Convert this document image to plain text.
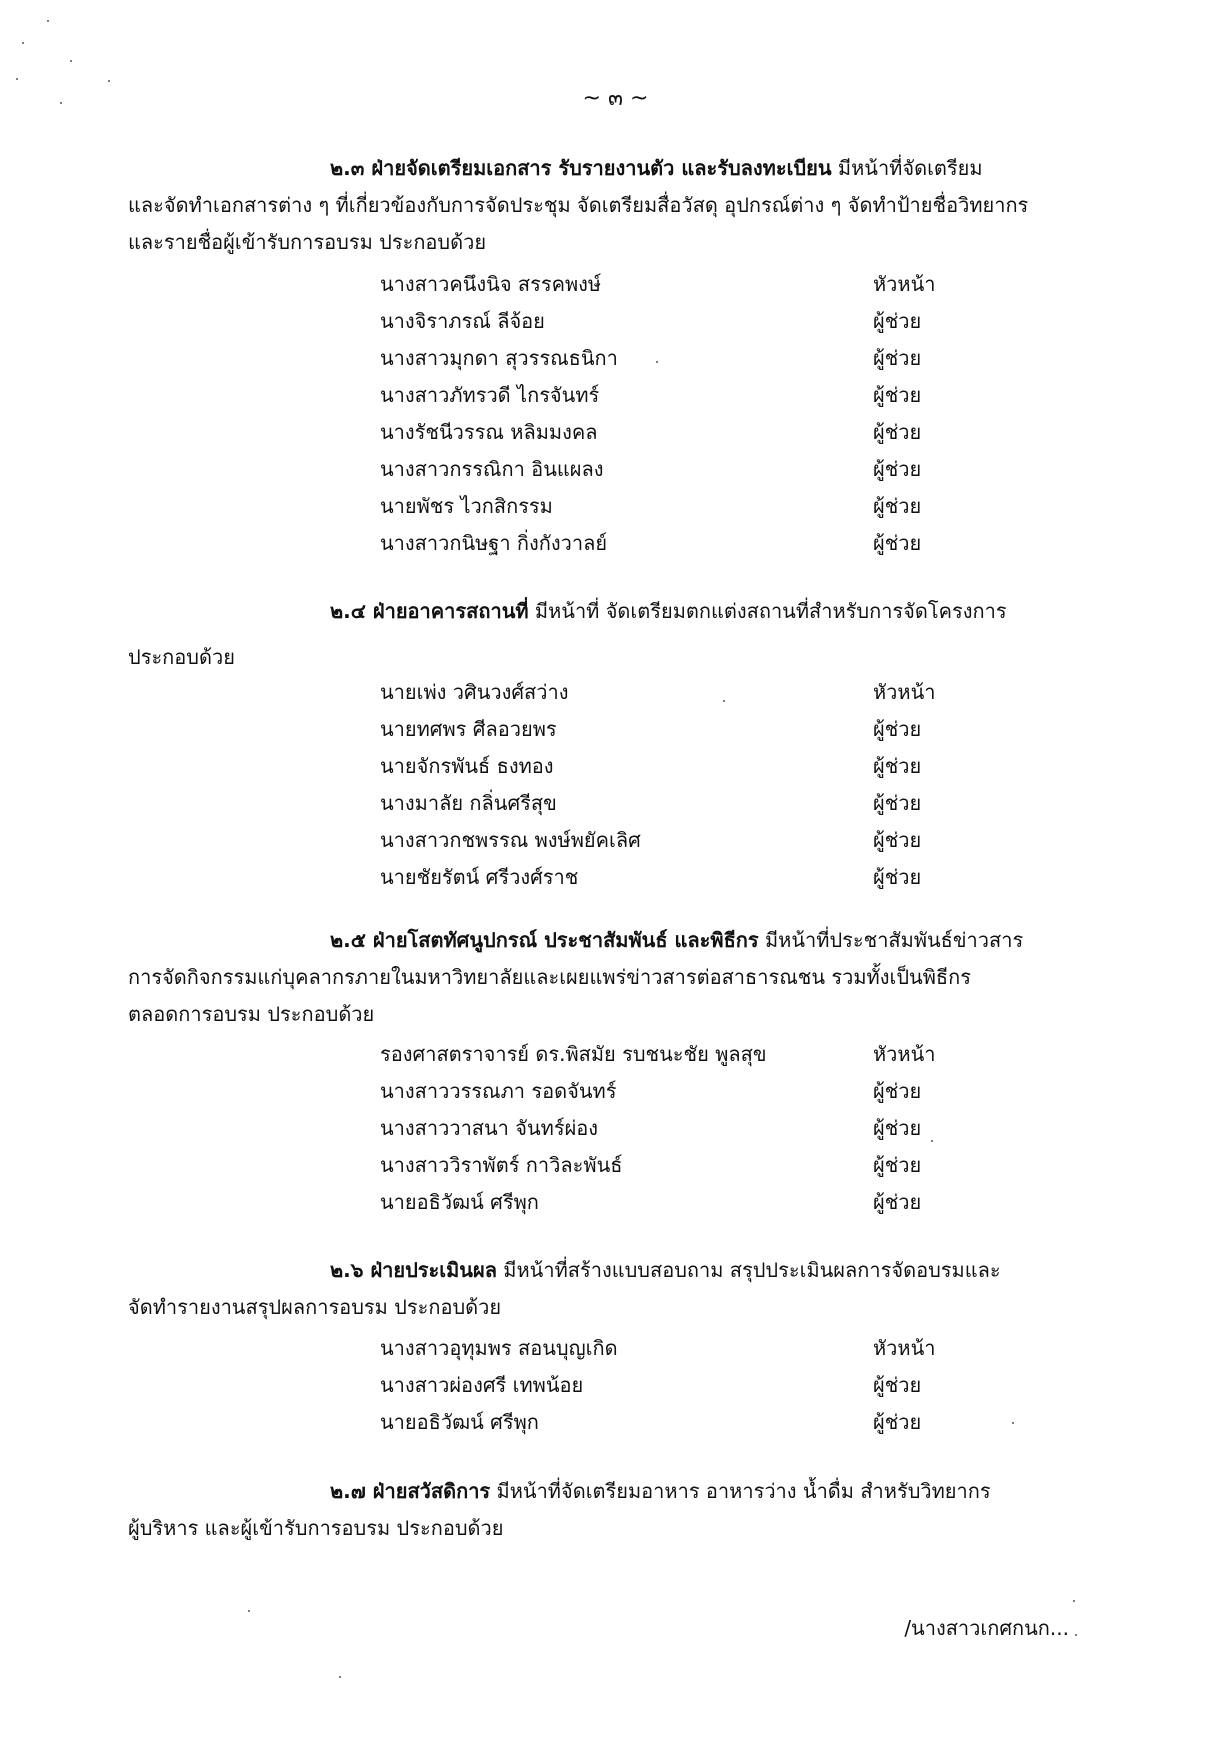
~ ๓ ~
๒.๓ ฝ่ายจัดเตรียมเอกสาร รับรายงานตัว และรับลงทะเบียน มีหน้าที่จัดเตรียม
และจัดทำเอกสารต่าง ๆ ที่เกี่ยวข้องกับการจัดประชุม จัดเตรียมสื่อวัสดุ อุปกรณ์ต่าง ๆ จัดทำป้ายชื่อวิทยากร
และรายชื่อผู้เข้ารับการอบรม ประกอบด้วย
นางสาวคนึงนิจ สรรคพงษ์	หัวหน้า
นางจิราภรณ์ ลีจ้อย	ผู้ช่วย
นางสาวมุกดา สุวรรณธนิกา	ผู้ช่วย
นางสาวภัทรวดี ไกรจันทร์	ผู้ช่วย
นางรัชนีวรรณ หลิมมงคล	ผู้ช่วย
นางสาวกรรณิกา อินแผลง	ผู้ช่วย
นายพัชร ไวกสิกรรม	ผู้ช่วย
นางสาวกนิษฐา กิ่งกังวาลย์	ผู้ช่วย
๒.๔ ฝ่ายอาคารสถานที่ มีหน้าที่ จัดเตรียมตกแต่งสถานที่สำหรับการจัดโครงการ
ประกอบด้วย
นายเพ่ง วศินวงศ์สว่าง	หัวหน้า
นายทศพร ศีลอวยพร	ผู้ช่วย
นายจักรพันธ์ ธงทอง	ผู้ช่วย
นางมาลัย กลิ่นศรีสุข	ผู้ช่วย
นางสาวกชพรรณ พงษ์พยัคเลิศ	ผู้ช่วย
นายชัยรัตน์ ศรีวงศ์ราช	ผู้ช่วย
๒.๕ ฝ่ายโสตทัศนูปกรณ์ ประชาสัมพันธ์ และพิธีกร มีหน้าที่ประชาสัมพันธ์ข่าวสาร
การจัดกิจกรรมแก่บุคลากรภายในมหาวิทยาลัยและเผยแพร่ข่าวสารต่อสาธารณชน รวมทั้งเป็นพิธีกร
ตลอดการอบรม ประกอบด้วย
รองศาสตราจารย์ ดร.พิสมัย รบชนะชัย พูลสุข	หัวหน้า
นางสาววรรณภา รอดจันทร์	ผู้ช่วย
นางสาววาสนา จันทร์ผ่อง	ผู้ช่วย
นางสาววิราพัตร์ กาวิละพันธ์	ผู้ช่วย
นายอธิวัฒน์ ศรีพุก	ผู้ช่วย
๒.๖ ฝ่ายประเมินผล มีหน้าที่สร้างแบบสอบถาม สรุปประเมินผลการจัดอบรมและ
จัดทำรายงานสรุปผลการอบรม ประกอบด้วย
นางสาวอุทุมพร สอนบุญเกิด	หัวหน้า
นางสาวผ่องศรี เทพน้อย	ผู้ช่วย
นายอธิวัฒน์ ศรีพุก	ผู้ช่วย
๒.๗ ฝ่ายสวัสดิการ มีหน้าที่จัดเตรียมอาหาร อาหารว่าง น้ำดื่ม สำหรับวิทยากร
ผู้บริหาร และผู้เข้ารับการอบรม ประกอบด้วย
/นางสาวเกศกนก...
